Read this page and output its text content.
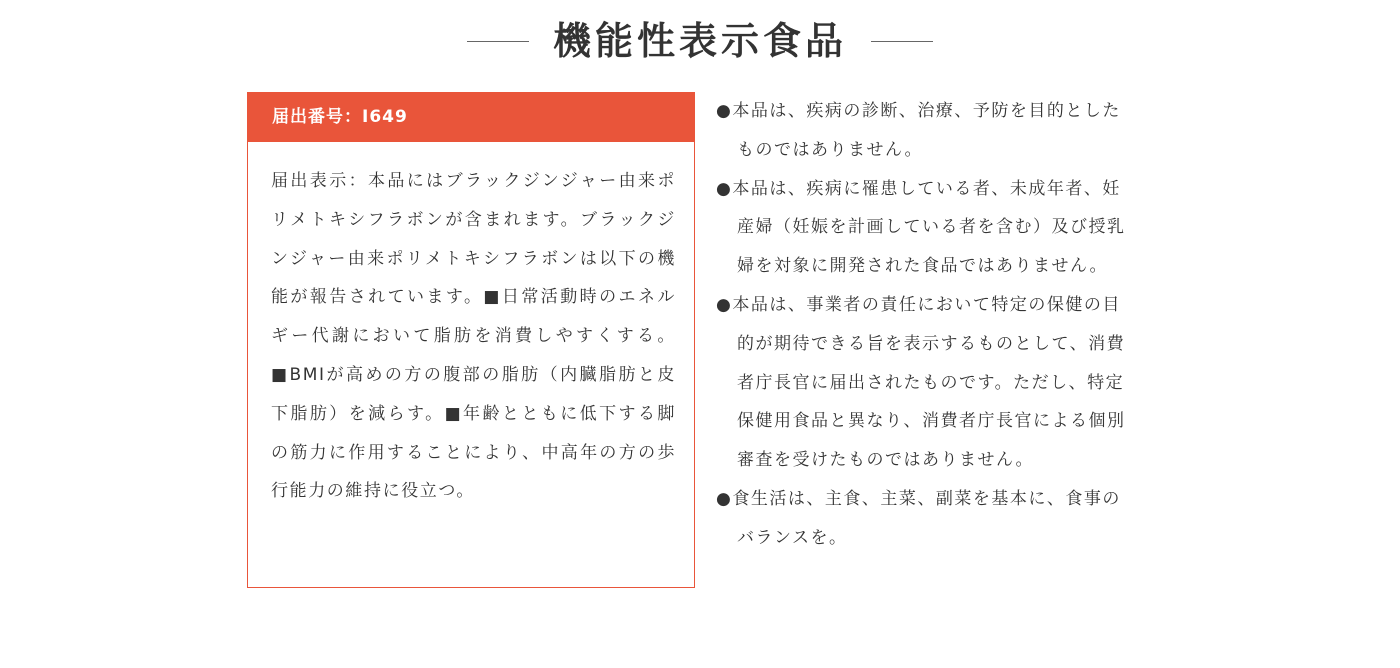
機能性表示食品
届出番号：I649
届出表示：本品にはブラックジンジャー由来ポリメトキシフラボンが含まれます。ブラックジンジャー由来ポリメトキシフラボンは以下の機能が報告されています。■日常活動時のエネルギー代謝において脂肪を消費しやすくする。■BMIが高めの方の腹部の脂肪（内臓脂肪と皮下脂肪）を減らす。■年齢とともに低下する脚の筋力に作用することにより、中高年の方の歩行能力の維持に役立つ。
●本品は、疾病の診断、治療、予防を目的としたものではありません。
●本品は、疾病に罹患している者、未成年者、妊産婦（妊娠を計画している者を含む）及び授乳婦を対象に開発された食品ではありません。
●本品は、事業者の責任において特定の保健の目的が期待できる旨を表示するものとして、消費者庁長官に届出されたものです。ただし、特定保健用食品と異なり、消費者庁長官による個別審査を受けたものではありません。
●食生活は、主食、主菜、副菜を基本に、食事のバランスを。
